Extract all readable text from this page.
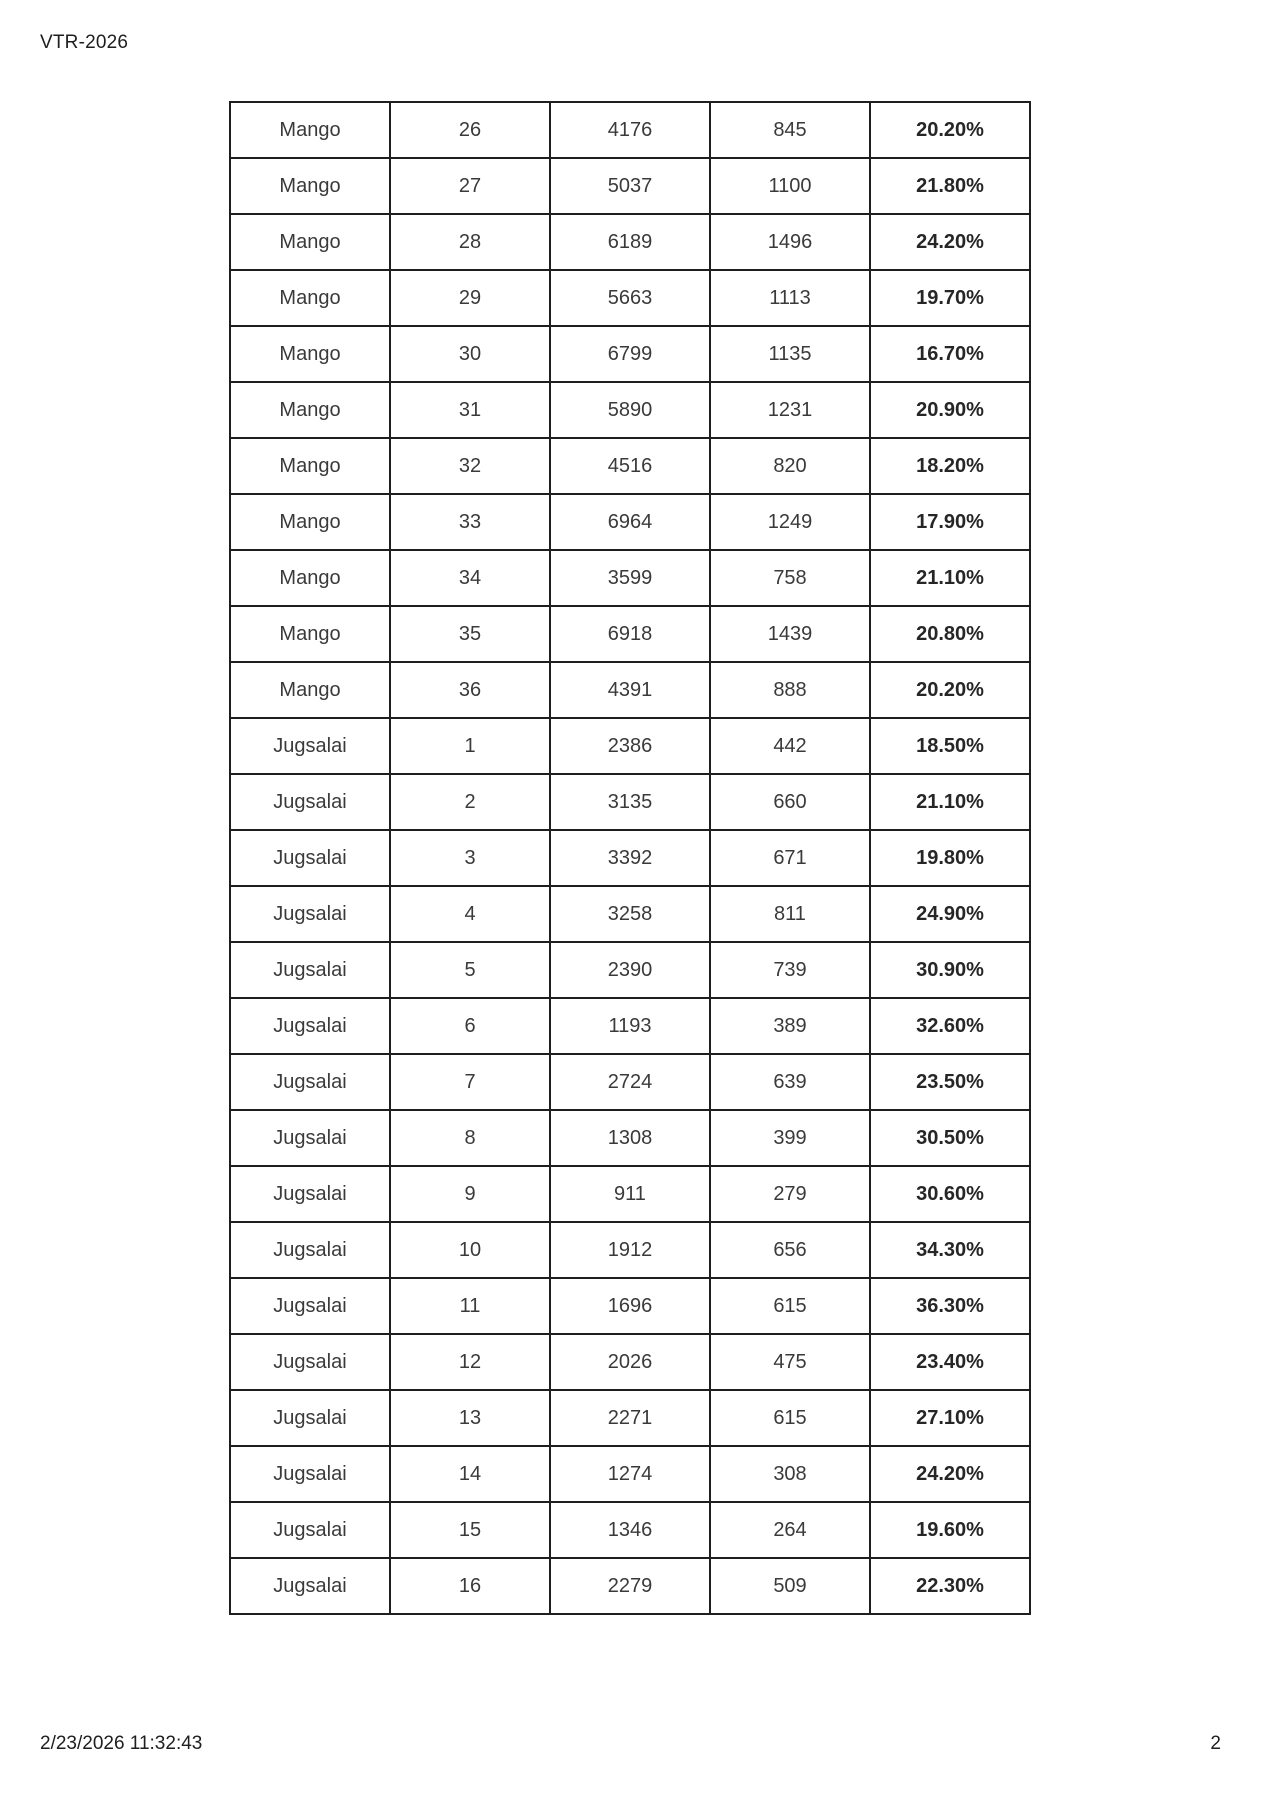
VTR-2026
Mango	26	4176	845	20.20%
Mango	27	5037	1100	21.80%
Mango	28	6189	1496	24.20%
Mango	29	5663	1113	19.70%
Mango	30	6799	1135	16.70%
Mango	31	5890	1231	20.90%
Mango	32	4516	820	18.20%
Mango	33	6964	1249	17.90%
Mango	34	3599	758	21.10%
Mango	35	6918	1439	20.80%
Mango	36	4391	888	20.20%
Jugsalai	1	2386	442	18.50%
Jugsalai	2	3135	660	21.10%
Jugsalai	3	3392	671	19.80%
Jugsalai	4	3258	811	24.90%
Jugsalai	5	2390	739	30.90%
Jugsalai	6	1193	389	32.60%
Jugsalai	7	2724	639	23.50%
Jugsalai	8	1308	399	30.50%
Jugsalai	9	911	279	30.60%
Jugsalai	10	1912	656	34.30%
Jugsalai	11	1696	615	36.30%
Jugsalai	12	2026	475	23.40%
Jugsalai	13	2271	615	27.10%
Jugsalai	14	1274	308	24.20%
Jugsalai	15	1346	264	19.60%
Jugsalai	16	2279	509	22.30%
2/23/2026 11:32:43	2
